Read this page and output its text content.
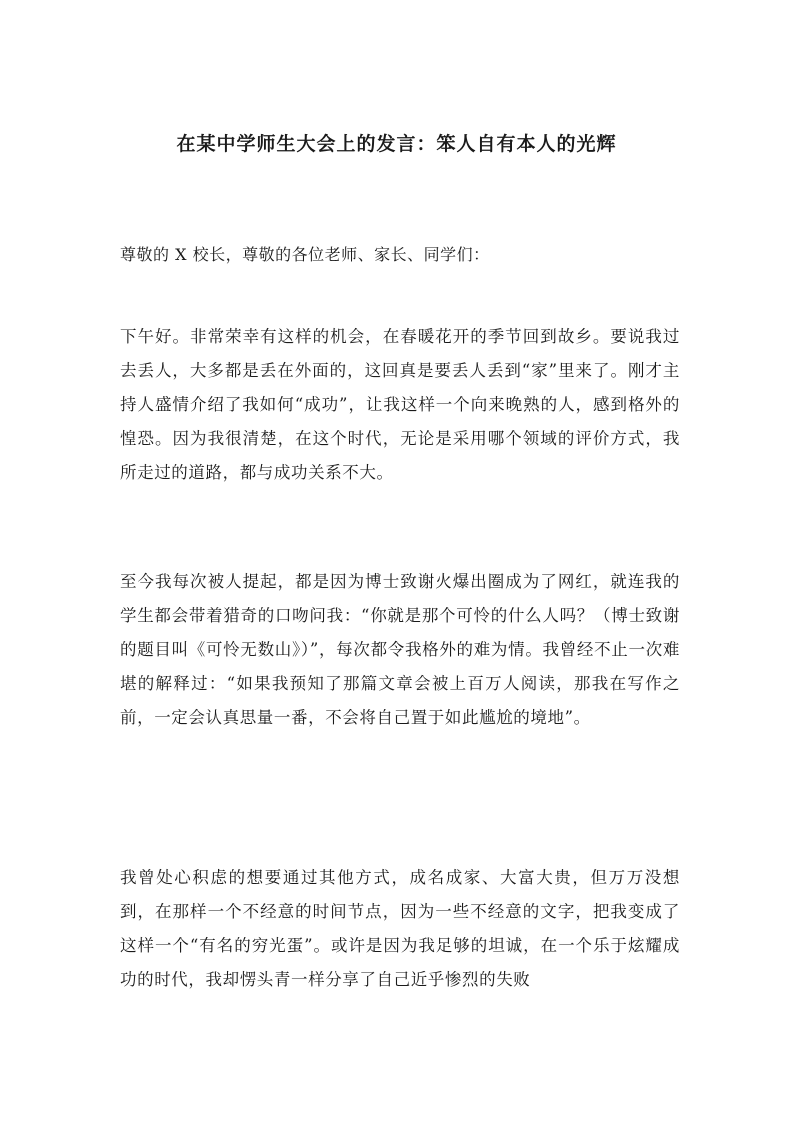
在某中学师生大会上的发言：笨人自有本人的光辉

尊敬的 X 校长，尊敬的各位老师、家长、同学们：

下午好。非常荣幸有这样的机会，在春暖花开的季节回到故乡。要说我过去丢人，大多都是丢在外面的，这回真是要丢人丢到“家”里来了。刚才主持人盛情介绍了我如何“成功”，让我这样一个向来晚熟的人，感到格外的惶恐。因为我很清楚，在这个时代，无论是采用哪个领域的评价方式，我所走过的道路，都与成功关系不大。

至今我每次被人提起，都是因为博士致谢火爆出圈成为了网红，就连我的学生都会带着猎奇的口吻问我：“你就是那个可怜的什么人吗？（博士致谢的题目叫《可怜无数山》）”，每次都令我格外的难为情。我曾经不止一次难堪的解释过：“如果我预知了那篇文章会被上百万人阅读，那我在写作之前，一定会认真思量一番，不会将自己置于如此尴尬的境地”。

我曾处心积虑的想要通过其他方式，成名成家、大富大贵，但万万没想到，在那样一个不经意的时间节点，因为一些不经意的文字，把我变成了这样一个“有名的穷光蛋”。或许是因为我足够的坦诚，在一个乐于炫耀成功的时代，我却愣头青一样分享了自己近乎惨烈的失败
